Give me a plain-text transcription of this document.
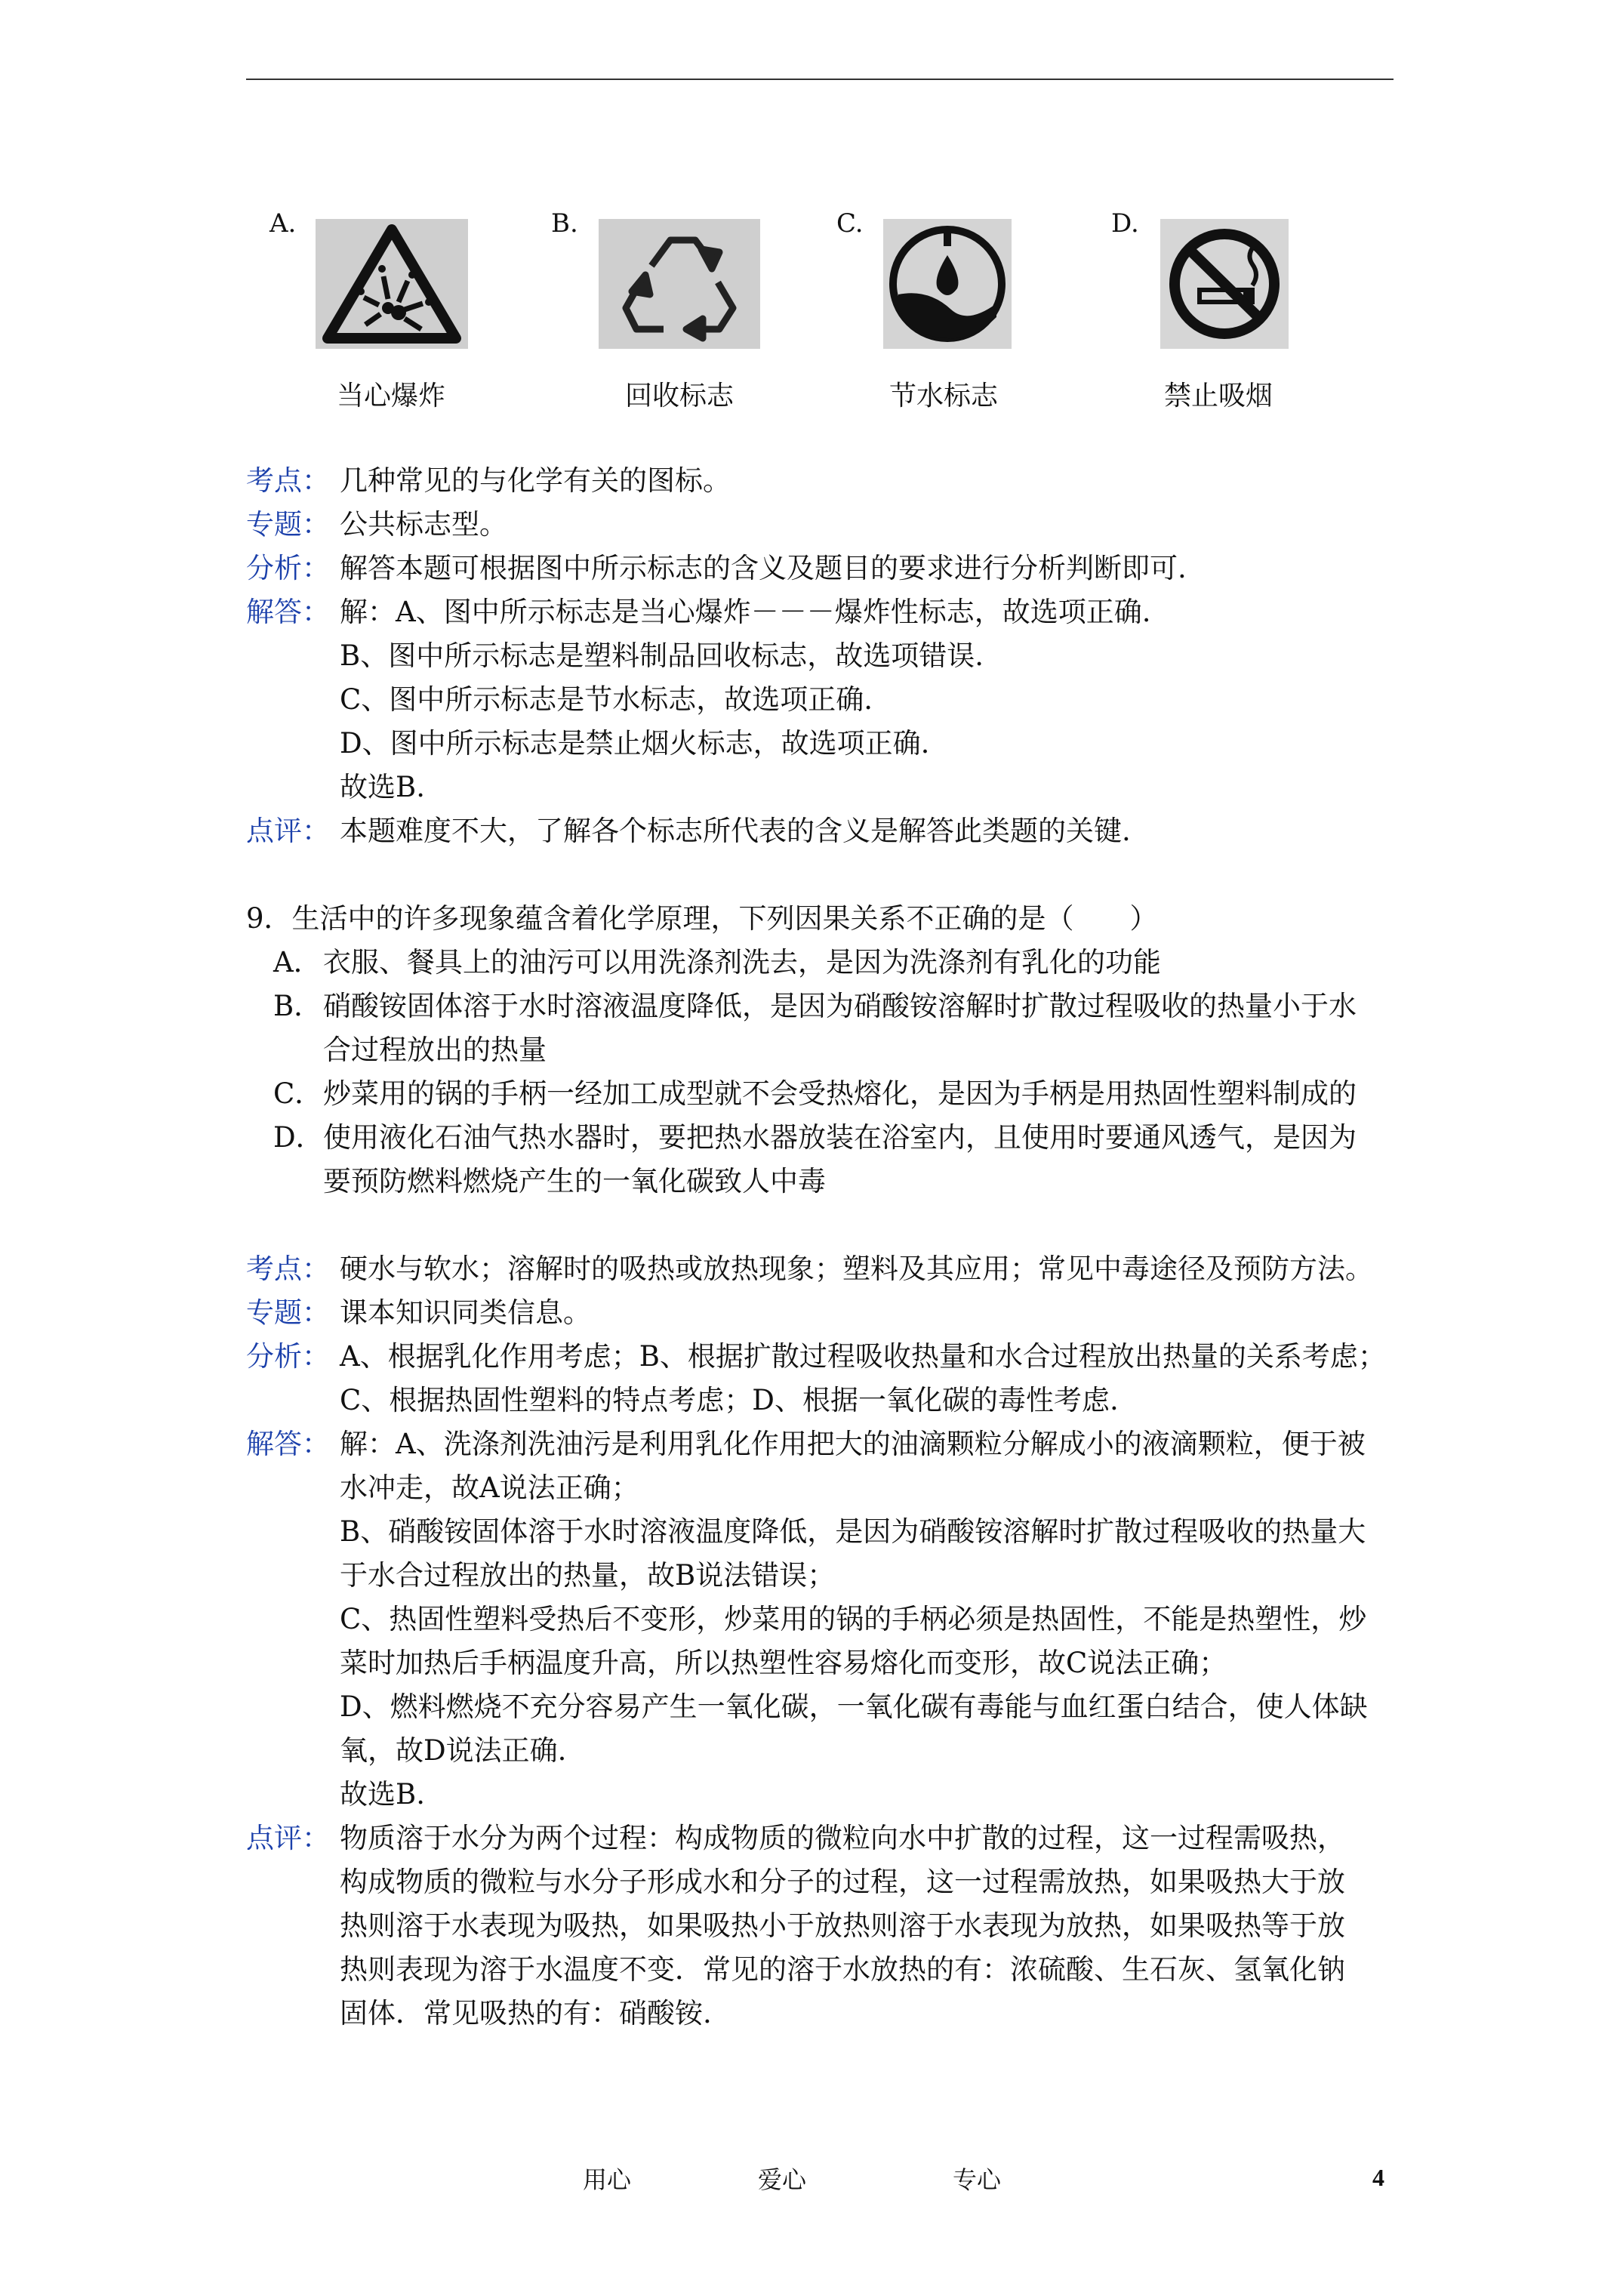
A.
当心爆炸
B.
回收标志
C.
节水标志
D.
禁止吸烟
考点： 几种常见的与化学有关的图标。
专题： 公共标志型。
分析： 解答本题可根据图中所示标志的含义及题目的要求进行分析判断即可.
解答： 解：A、图中所示标志是当心爆炸－－－爆炸性标志，故选项正确.
B、图中所示标志是塑料制品回收标志，故选项错误.
C、图中所示标志是节水标志，故选项正确.
D、图中所示标志是禁止烟火标志，故选项正确.
故选B.
点评： 本题难度不大，了解各个标志所代表的含义是解答此类题的关键.
9．生活中的许多现象蕴含着化学原理，下列因果关系不正确的是（　　）
A． 衣服、餐具上的油污可以用洗涤剂洗去，是因为洗涤剂有乳化的功能
B． 硝酸铵固体溶于水时溶液温度降低，是因为硝酸铵溶解时扩散过程吸收的热量小于水
合过程放出的热量
C． 炒菜用的锅的手柄一经加工成型就不会受热熔化，是因为手柄是用热固性塑料制成的
D． 使用液化石油气热水器时，要把热水器放装在浴室内，且使用时要通风透气，是因为
要预防燃料燃烧产生的一氧化碳致人中毒
考点： 硬水与软水；溶解时的吸热或放热现象；塑料及其应用；常见中毒途径及预防方法。
专题： 课本知识同类信息。
分析： A、根据乳化作用考虑；B、根据扩散过程吸收热量和水合过程放出热量的关系考虑；
C、根据热固性塑料的特点考虑；D、根据一氧化碳的毒性考虑.
解答： 解：A、洗涤剂洗油污是利用乳化作用把大的油滴颗粒分解成小的液滴颗粒，便于被
水冲走，故A说法正确；
B、硝酸铵固体溶于水时溶液温度降低，是因为硝酸铵溶解时扩散过程吸收的热量大
于水合过程放出的热量，故B说法错误；
C、热固性塑料受热后不变形，炒菜用的锅的手柄必须是热固性，不能是热塑性，炒
菜时加热后手柄温度升高，所以热塑性容易熔化而变形，故C说法正确；
D、燃料燃烧不充分容易产生一氧化碳，一氧化碳有毒能与血红蛋白结合，使人体缺
氧，故D说法正确.
故选B.
点评： 物质溶于水分为两个过程：构成物质的微粒向水中扩散的过程，这一过程需吸热，
构成物质的微粒与水分子形成水和分子的过程，这一过程需放热，如果吸热大于放
热则溶于水表现为吸热，如果吸热小于放热则溶于水表现为放热，如果吸热等于放
热则表现为溶于水温度不变．常见的溶于水放热的有：浓硫酸、生石灰、氢氧化钠
固体．常见吸热的有：硝酸铵.
用心	爱心	专心	4
